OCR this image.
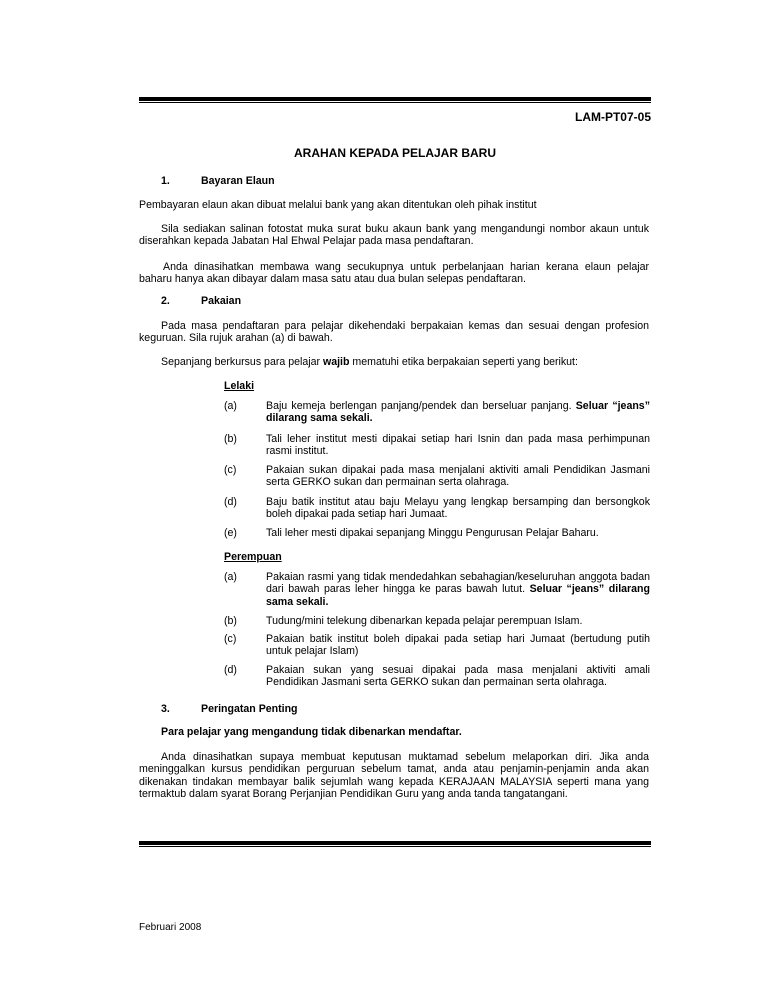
LAM-PT07-05
ARAHAN KEPADA PELAJAR BARU
1.	Bayaran Elaun
Pembayaran elaun akan dibuat melalui bank yang akan ditentukan oleh pihak institut
Sila sediakan salinan fotostat muka surat buku akaun bank yang mengandungi nombor akaun untuk diserahkan kepada Jabatan Hal Ehwal Pelajar pada masa pendaftaran.
Anda dinasihatkan membawa wang secukupnya untuk perbelanjaan harian kerana elaun pelajar baharu hanya akan dibayar dalam masa satu atau dua bulan selepas pendaftaran.
2.	Pakaian
Pada masa pendaftaran para pelajar dikehendaki berpakaian kemas dan sesuai dengan profesion keguruan. Sila rujuk arahan (a) di bawah.
Sepanjang berkursus para pelajar wajib mematuhi etika berpakaian seperti yang berikut:
Lelaki
(a)	Baju kemeja berlengan panjang/pendek dan berseluar panjang. Seluar “jeans” dilarang sama sekali.
(b)	Tali leher institut mesti dipakai setiap hari Isnin dan pada masa perhimpunan rasmi institut.
(c)	Pakaian sukan dipakai pada masa menjalani aktiviti amali Pendidikan Jasmani serta GERKO sukan dan permainan serta olahraga.
(d)	Baju batik institut atau baju Melayu yang lengkap bersamping dan bersongkok boleh dipakai pada setiap hari Jumaat.
(e)	Tali leher mesti dipakai sepanjang Minggu Pengurusan Pelajar Baharu.
Perempuan
(a)	Pakaian rasmi yang tidak mendedahkan sebahagian/keseluruhan anggota badan dari bawah paras leher hingga ke paras bawah lutut. Seluar “jeans” dilarang sama sekali.
(b)	Tudung/mini telekung dibenarkan kepada pelajar perempuan Islam.
(c)	Pakaian batik institut boleh dipakai pada setiap hari Jumaat (bertudung putih untuk pelajar Islam)
(d)	Pakaian sukan yang sesuai dipakai pada masa menjalani aktiviti amali Pendidikan Jasmani serta GERKO sukan dan permainan serta olahraga.
3.	Peringatan Penting
Para pelajar yang mengandung tidak dibenarkan mendaftar.
Anda dinasihatkan supaya membuat keputusan muktamad sebelum melaporkan diri. Jika anda meninggalkan kursus pendidikan perguruan sebelum tamat, anda atau penjamin-penjamin anda akan dikenakan tindakan membayar balik sejumlah wang kepada KERAJAAN MALAYSIA seperti mana yang termaktub dalam syarat Borang Perjanjian Pendidikan Guru yang anda tanda tangatangani.
Februari 2008
